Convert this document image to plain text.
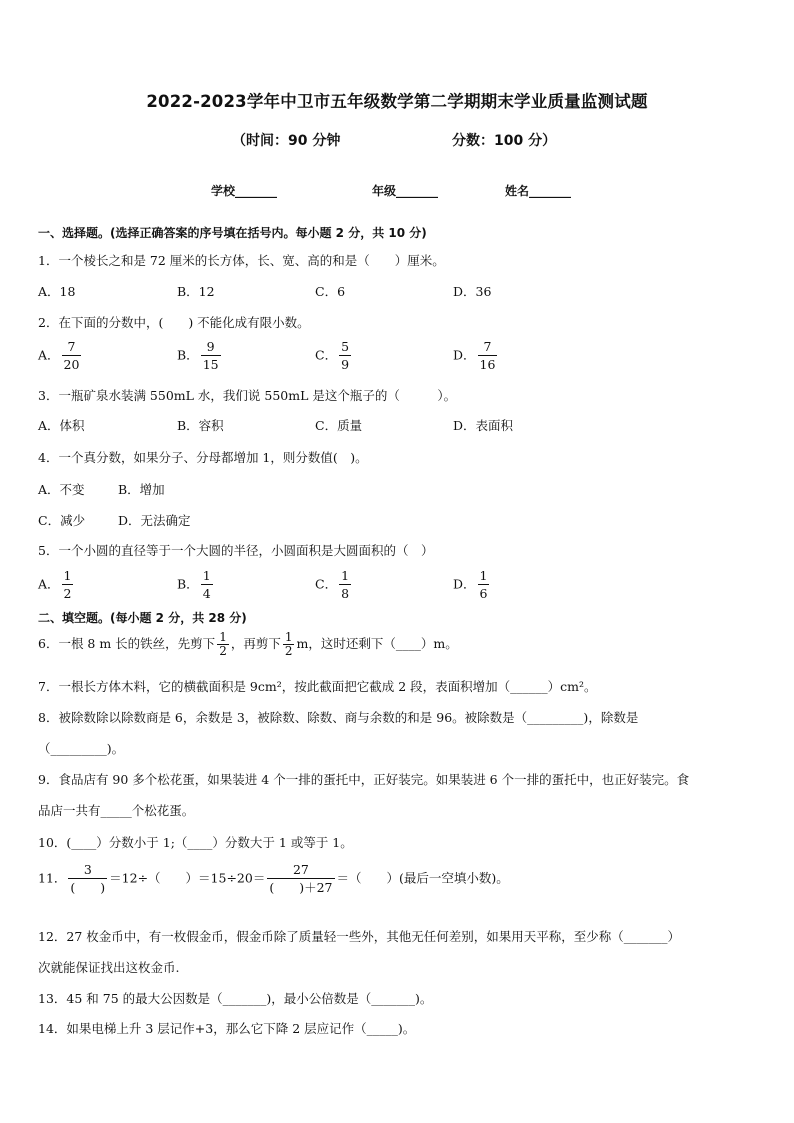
2022-2023学年中卫市五年级数学第二学期期末学业质量监测试题
（时间：90 分钟	分数：100 分）
学校_______	年级_______	姓名_______
一、选择题。(选择正确答案的序号填在括号内。每小题 2 分，共 10 分)
1．一个棱长之和是 72 厘米的长方体，长、宽、高的和是（　　）厘米。
A．18	B．12	C．6	D．36
2．在下面的分数中，(　　) 不能化成有限小数。
A． $\frac{7}{20}$	B． $\frac{9}{15}$	C． $\frac{5}{9}$	D． $\frac{7}{16}$
3．一瓶矿泉水装满 550mL 水，我们说 550mL 是这个瓶子的（　　　）。
A．体积	B．容积	C．质量	D．表面积
4．一个真分数，如果分子、分母都增加 1，则分数值(　)。
A．不变	B．增加
C．减少	D．无法确定
5．一个小圆的直径等于一个大圆的半径，小圆面积是大圆面积的（　）
A． $\frac{1}{2}$	B． $\frac{1}{4}$	C． $\frac{1}{8}$	D． $\frac{1}{6}$
二、填空题。(每小题 2 分，共 28 分)
6．一根 8 m 长的铁丝，先剪下 $\frac{1}{2}$ ，再剪下 $\frac{1}{2}$ m，这时还剩下（____）m。
7．一根长方体木料，它的横截面积是 9cm²，按此截面把它截成 2 段，表面积增加（______）cm²。
8．被除数除以除数商是 6，余数是 3，被除数、除数、商与余数的和是 96。被除数是（_________)，除数是
（_________)。
9．食品店有 90 多个松花蛋，如果装进 4 个一排的蛋托中，正好装完。如果装进 6 个一排的蛋托中，也正好装完。食
品店一共有_____个松花蛋。
10．(____）分数小于 1;（____）分数大于 1 或等于 1。
11． $\frac{3}{( )} =12\div$（　　）$=15\div 20= \frac{27}{( )+27}$ ＝（　　）(最后一空填小数)。
12．27 枚金币中，有一枚假金币，假金币除了质量轻一些外，其他无任何差别，如果用天平称，至少称（_______）
次就能保证找出这枚金币.
13．45 和 75 的最大公因数是（_______)，最小公倍数是（_______)。
14．如果电梯上升 3 层记作+3，那么它下降 2 层应记作（_____)。
